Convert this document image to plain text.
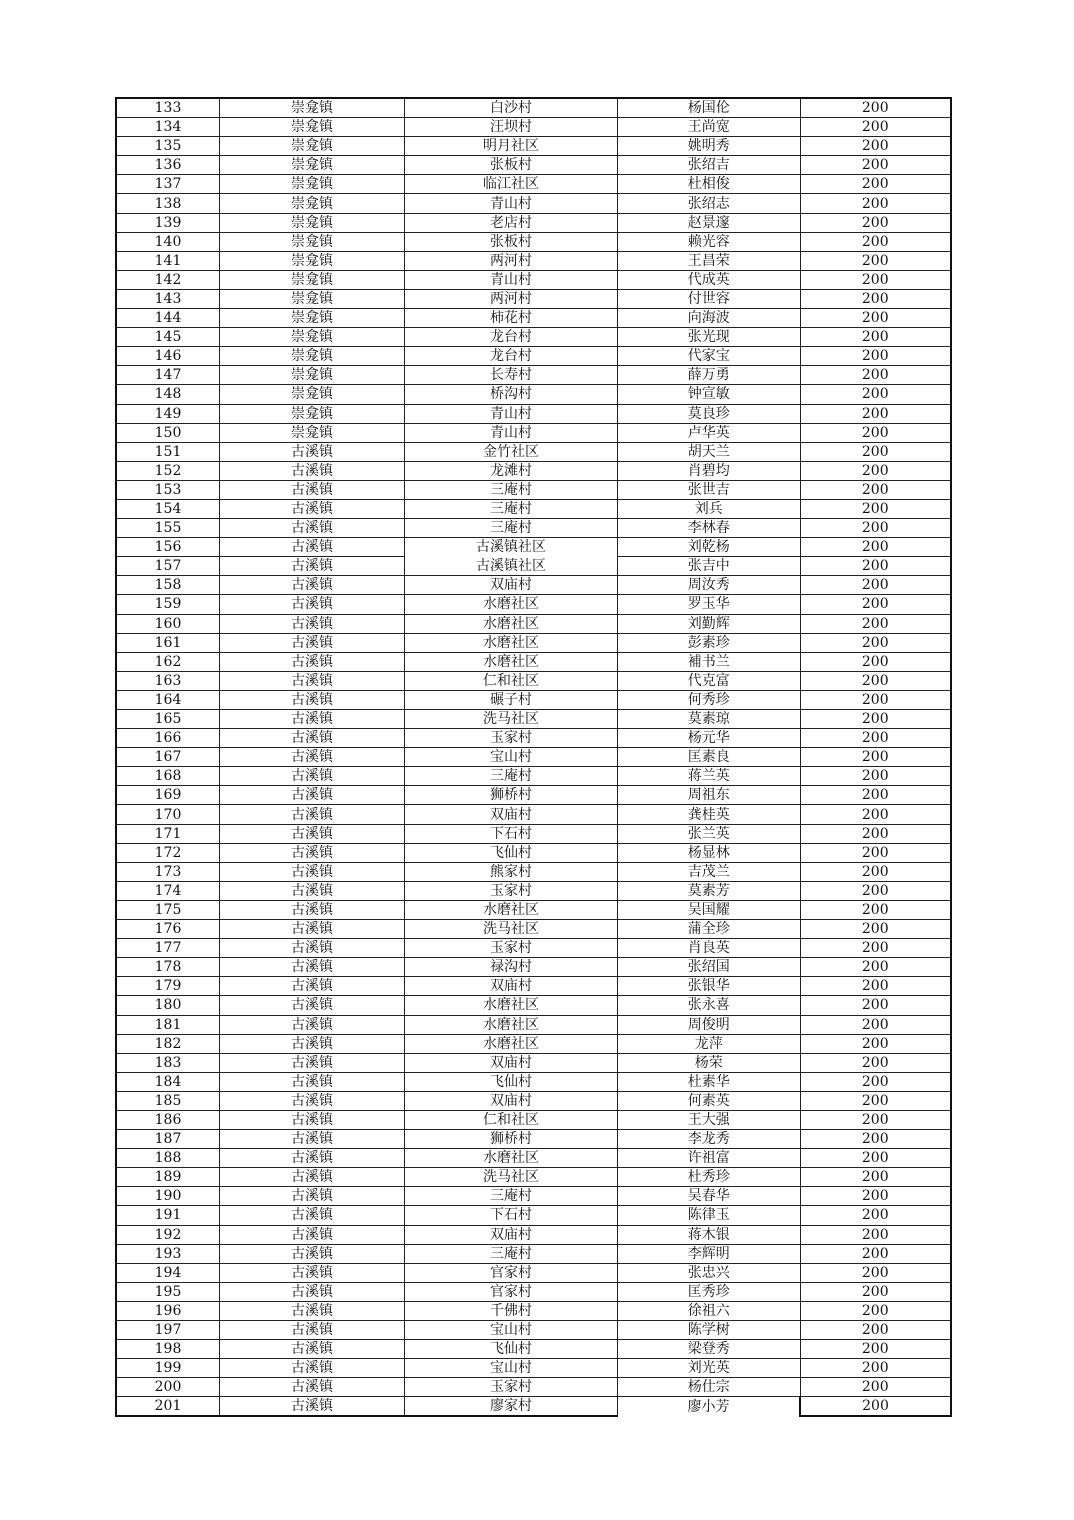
133	崇龛镇	白沙村	杨国伦	200
134	崇龛镇	汪坝村	王尚宽	200
135	崇龛镇	明月社区	姚明秀	200
136	崇龛镇	张板村	张绍吉	200
137	崇龛镇	临江社区	杜相俊	200
138	崇龛镇	青山村	张绍志	200
139	崇龛镇	老店村	赵景邃	200
140	崇龛镇	张板村	赖光容	200
141	崇龛镇	两河村	王昌荣	200
142	崇龛镇	青山村	代成英	200
143	崇龛镇	两河村	付世容	200
144	崇龛镇	柿花村	向海波	200
145	崇龛镇	龙台村	张光现	200
146	崇龛镇	龙台村	代家宝	200
147	崇龛镇	长寿村	薛万勇	200
148	崇龛镇	桥沟村	钟宣敏	200
149	崇龛镇	青山村	莫良珍	200
150	崇龛镇	青山村	卢华英	200
151	古溪镇	金竹社区	胡天兰	200
152	古溪镇	龙滩村	肖碧均	200
153	古溪镇	三庵村	张世吉	200
154	古溪镇	三庵村	刘兵	200
155	古溪镇	三庵村	李林春	200
156	古溪镇	古溪镇社区	刘乾杨	200
157	古溪镇	古溪镇社区	张吉中	200
158	古溪镇	双庙村	周汝秀	200
159	古溪镇	水磨社区	罗玉华	200
160	古溪镇	水磨社区	刘勤辉	200
161	古溪镇	水磨社区	彭素珍	200
162	古溪镇	水磨社区	補书兰	200
163	古溪镇	仁和社区	代克富	200
164	古溪镇	碾子村	何秀珍	200
165	古溪镇	洗马社区	莫素琼	200
166	古溪镇	玉家村	杨元华	200
167	古溪镇	宝山村	匡素良	200
168	古溪镇	三庵村	蒋兰英	200
169	古溪镇	狮桥村	周祖东	200
170	古溪镇	双庙村	龚桂英	200
171	古溪镇	下石村	张兰英	200
172	古溪镇	飞仙村	杨显林	200
173	古溪镇	熊家村	吉茂兰	200
174	古溪镇	玉家村	莫素芳	200
175	古溪镇	水磨社区	吴国耀	200
176	古溪镇	洗马社区	蒲全珍	200
177	古溪镇	玉家村	肖良英	200
178	古溪镇	禄沟村	张绍国	200
179	古溪镇	双庙村	张银华	200
180	古溪镇	水磨社区	张永喜	200
181	古溪镇	水磨社区	周俊明	200
182	古溪镇	水磨社区	龙萍	200
183	古溪镇	双庙村	杨荣	200
184	古溪镇	飞仙村	杜素华	200
185	古溪镇	双庙村	何素英	200
186	古溪镇	仁和社区	王大强	200
187	古溪镇	狮桥村	李龙秀	200
188	古溪镇	水磨社区	许祖富	200
189	古溪镇	洗马社区	杜秀珍	200
190	古溪镇	三庵村	吴春华	200
191	古溪镇	下石村	陈律玉	200
192	古溪镇	双庙村	蒋木银	200
193	古溪镇	三庵村	李辉明	200
194	古溪镇	官家村	张忠兴	200
195	古溪镇	官家村	匡秀珍	200
196	古溪镇	千佛村	徐祖六	200
197	古溪镇	宝山村	陈学树	200
198	古溪镇	飞仙村	梁登秀	200
199	古溪镇	宝山村	刘光英	200
200	古溪镇	玉家村	杨仕宗	200
201	古溪镇	廖家村	廖小芳	200
